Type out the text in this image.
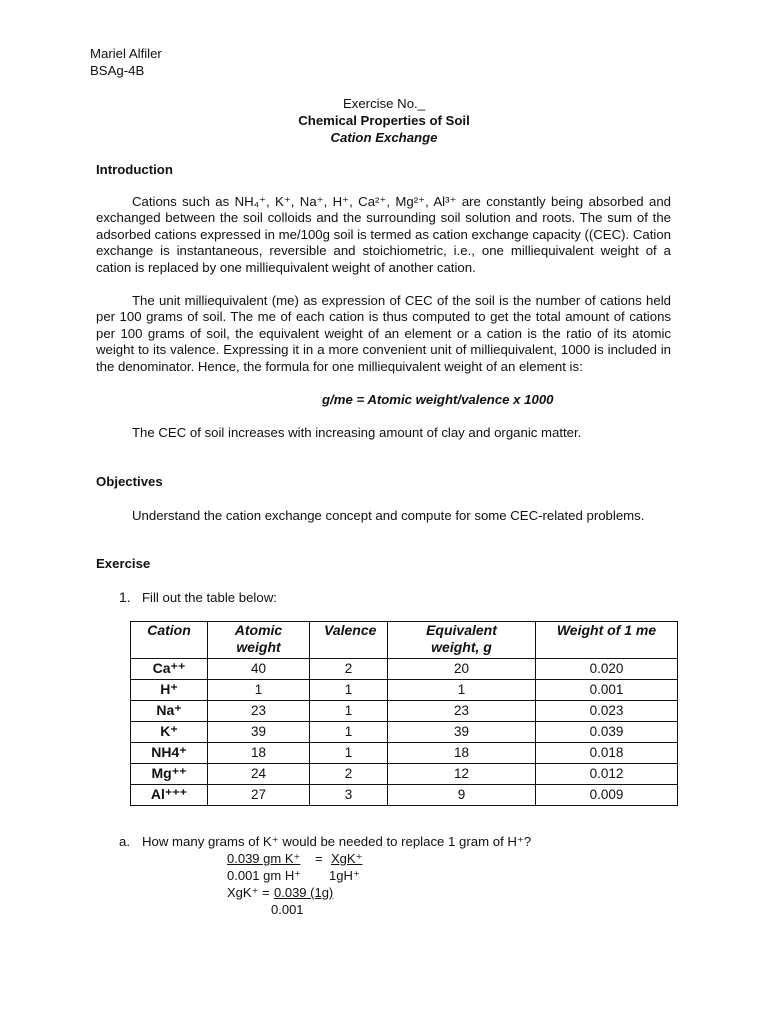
Mariel Alfiler
BSAg-4B
Exercise No._
Chemical Properties of Soil
Cation Exchange
Introduction
Cations such as NH₄⁺, K⁺, Na⁺, H⁺, Ca²⁺, Mg²⁺, Al³⁺ are constantly being absorbed and exchanged between the soil colloids and the surrounding soil solution and roots. The sum of the adsorbed cations expressed in me/100g soil is termed as cation exchange capacity ((CEC). Cation exchange is instantaneous, reversible and stoichiometric, i.e., one milliequivalent weight of a cation is replaced by one milliequivalent weight of another cation.
The unit milliequivalent (me) as expression of CEC of the soil is the number of cations held per 100 grams of soil. The me of each cation is thus computed to get the total amount of cations per 100 grams of soil, the equivalent weight of an element or a cation is the ratio of its atomic weight to its valence. Expressing it in a more convenient unit of milliequivalent, 1000 is included in the denominator. Hence, the formula for one milliequivalent weight of an element is:
g/me = Atomic weight/valence x 1000
The CEC of soil increases with increasing amount of clay and organic matter.
Objectives
Understand the cation exchange concept and compute for some CEC-related problems.
Exercise
1. Fill out the table below:
Cation	Atomic weight	Valence	Equivalent weight, g	Weight of 1 me
Ca⁺⁺	40	2	20	0.020
H⁺	1	1	1	0.001
Na⁺	23	1	23	0.023
K⁺	39	1	39	0.039
NH4⁺	18	1	18	0.018
Mg⁺⁺	24	2	12	0.012
Al⁺⁺⁺	27	3	9	0.009
a. How many grams of K⁺ would be needed to replace 1 gram of H⁺?
0.039 gm K⁺ = XgK⁺
0.001 gm H⁺ 1gH⁺
XgK⁺ = 0.039 (1g)
0.001
